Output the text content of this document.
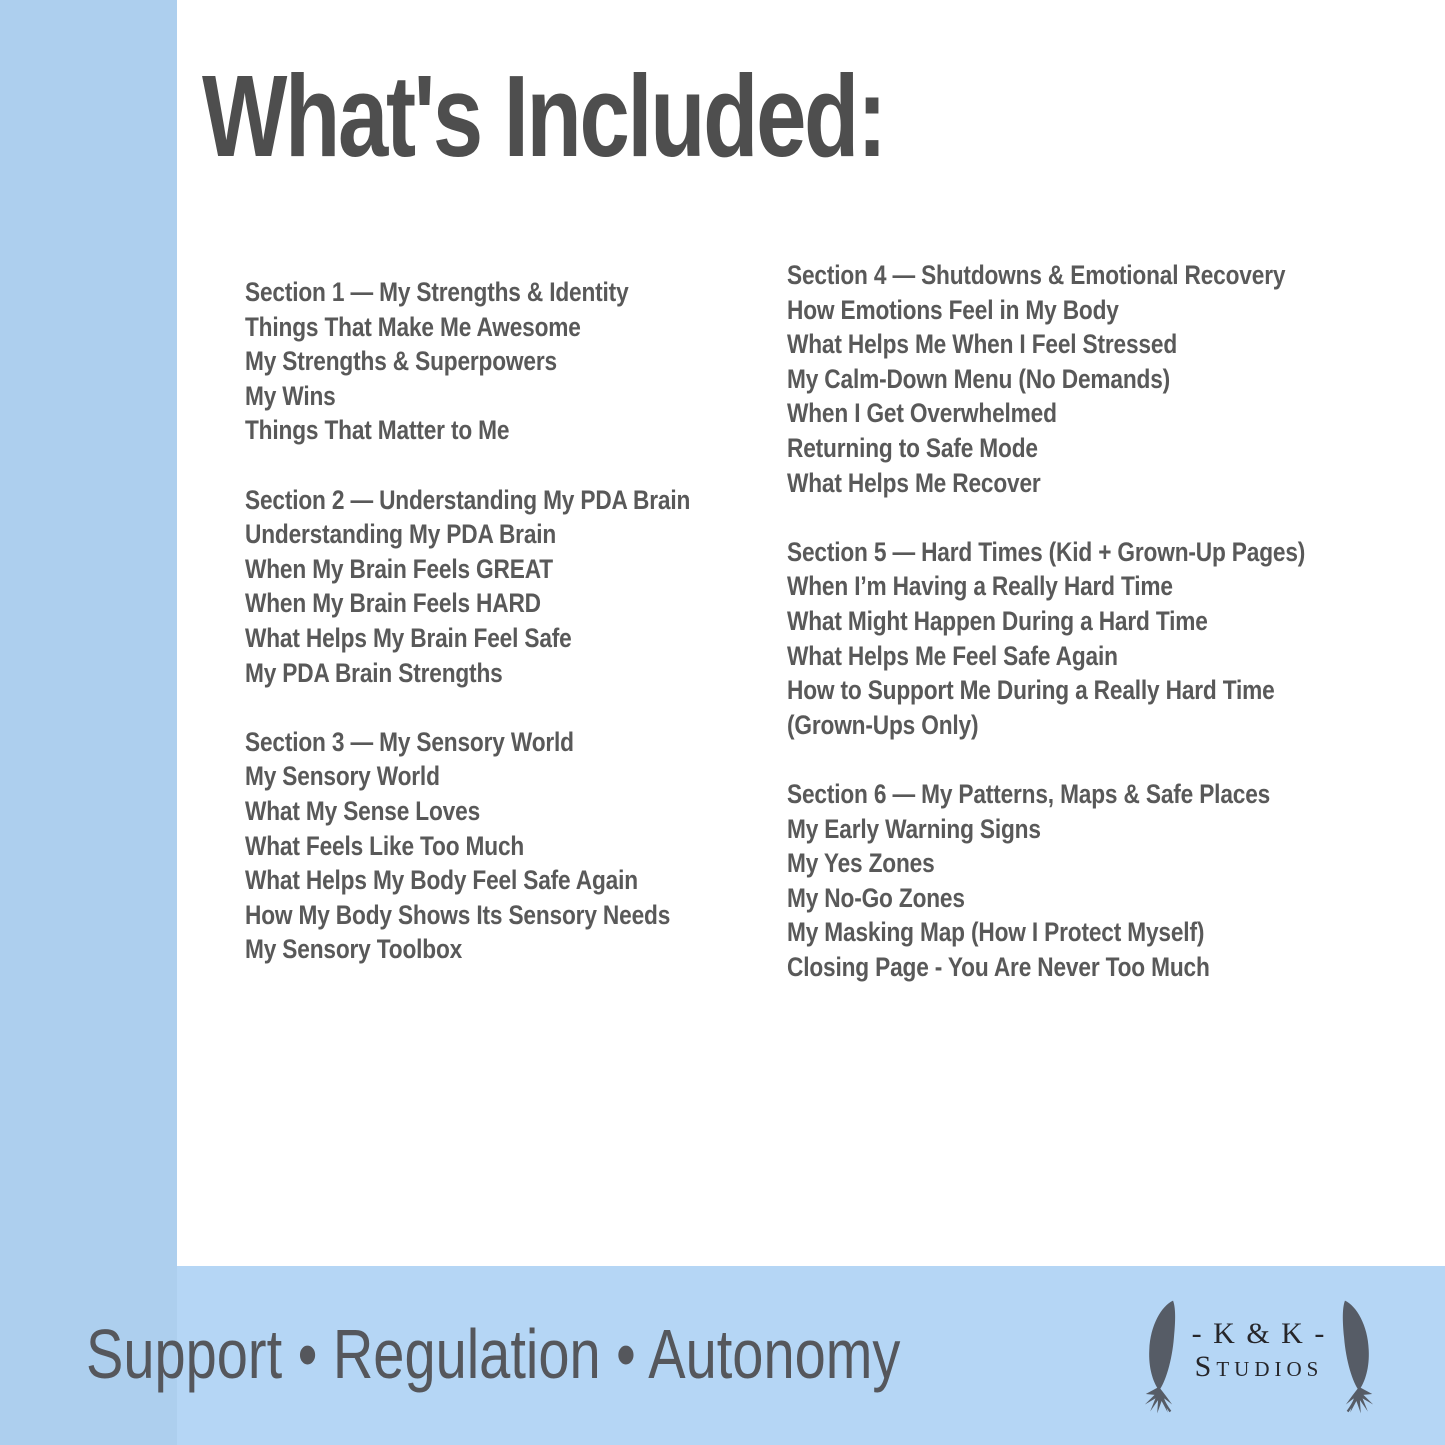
What's Included:
Section 1 — My Strengths & Identity
Things That Make Me Awesome
My Strengths & Superpowers
My Wins
Things That Matter to Me
Section 2 — Understanding My PDA Brain
Understanding My PDA Brain
When My Brain Feels GREAT
When My Brain Feels HARD
What Helps My Brain Feel Safe
My PDA Brain Strengths
Section 3 — My Sensory World
My Sensory World
What My Sense Loves
What Feels Like Too Much
What Helps My Body Feel Safe Again
How My Body Shows Its Sensory Needs
My Sensory Toolbox
Section 4 — Shutdowns & Emotional Recovery
How Emotions Feel in My Body
What Helps Me When I Feel Stressed
My Calm-Down Menu (No Demands)
When I Get Overwhelmed
Returning to Safe Mode
What Helps Me Recover
Section 5 — Hard Times (Kid + Grown-Up Pages)
When I’m Having a Really Hard Time
What Might Happen During a Hard Time
What Helps Me Feel Safe Again
How to Support Me During a Really Hard Time
(Grown-Ups Only)
Section 6 — My Patterns, Maps & Safe Places
My Early Warning Signs
My Yes Zones
My No-Go Zones
My Masking Map (How I Protect Myself)
Closing Page - You Are Never Too Much
Support • Regulation • Autonomy	- K & K -
Studios
